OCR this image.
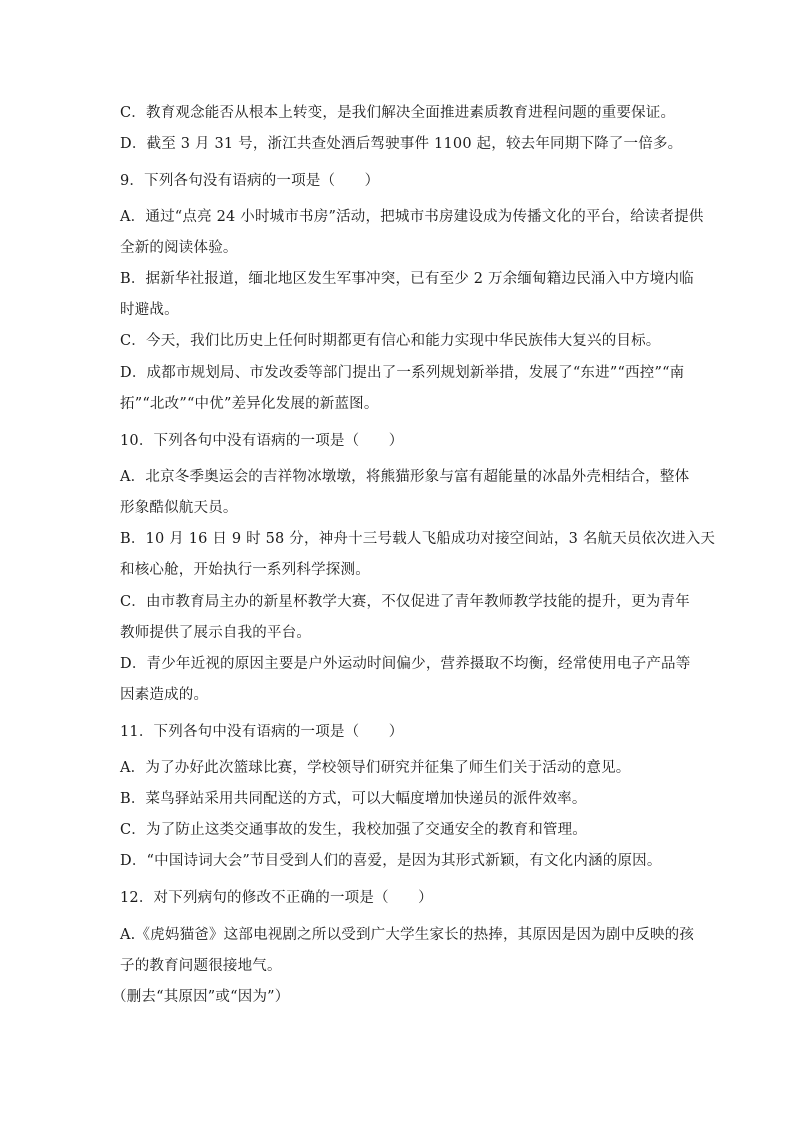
C．教育观念能否从根本上转变，是我们解决全面推进素质教育进程问题的重要保证。
D．截至 3 月 31 号，浙江共查处酒后驾驶事件 1100 起，较去年同期下降了一倍多。
9．下列各句没有语病的一项是（　　）
A．通过“点亮 24 小时城市书房”活动，把城市书房建设成为传播文化的平台，给读者提供
全新的阅读体验。
B．据新华社报道，缅北地区发生军事冲突，已有至少 2 万余缅甸籍边民涌入中方境内临
时避战。
C．今天，我们比历史上任何时期都更有信心和能力实现中华民族伟大复兴的目标。
D．成都市规划局、市发改委等部门提出了一系列规划新举措，发展了“东进”“西控”“南
拓”“北改”“中优”差异化发展的新蓝图。
10．下列各句中没有语病的一项是（　　）
A．北京冬季奥运会的吉祥物冰墩墩，将熊猫形象与富有超能量的冰晶外壳相结合，整体
形象酷似航天员。
B．10 月 16 日 9 时 58 分，神舟十三号载人飞船成功对接空间站，3 名航天员依次进入天
和核心舱，开始执行一系列科学探测。
C．由市教育局主办的新星杯教学大赛，不仅促进了青年教师教学技能的提升，更为青年
教师提供了展示自我的平台。
D．青少年近视的原因主要是户外运动时间偏少，营养摄取不均衡，经常使用电子产品等
因素造成的。
11．下列各句中没有语病的一项是（　　）
A．为了办好此次篮球比赛，学校领导们研究并征集了师生们关于活动的意见。
B．菜鸟驿站采用共同配送的方式，可以大幅度增加快递员的派件效率。
C．为了防止这类交通事故的发生，我校加强了交通安全的教育和管理。
D．“中国诗词大会”节目受到人们的喜爱，是因为其形式新颖，有文化内涵的原因。
12．对下列病句的修改不正确的一项是（　　）
A.《虎妈猫爸》这部电视剧之所以受到广大学生家长的热捧，其原因是因为剧中反映的孩
子的教育问题很接地气。
（删去“其原因”或“因为”）
